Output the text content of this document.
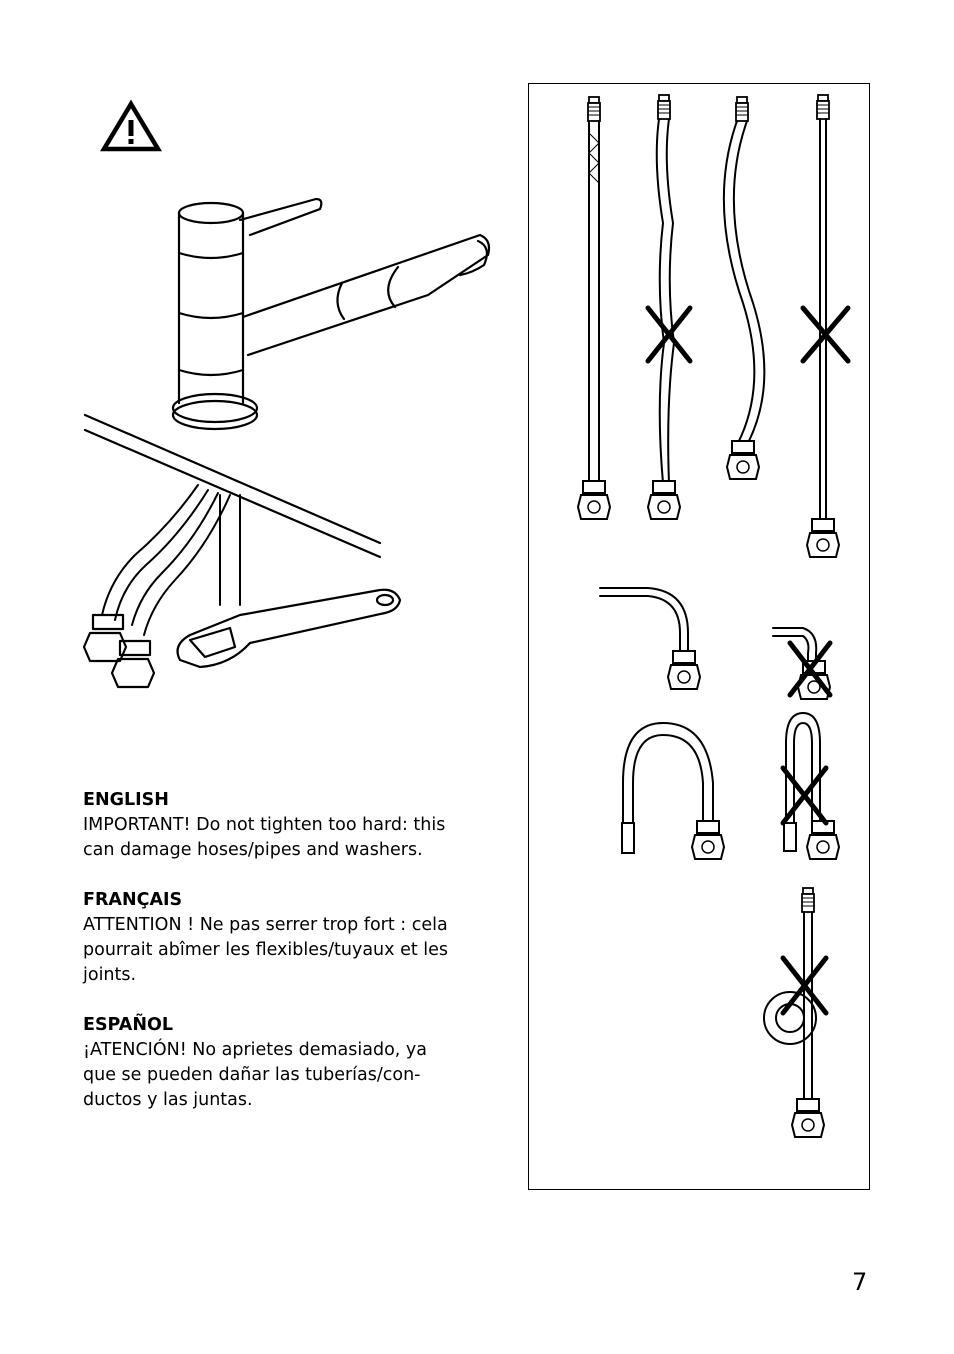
ENGLISH
IMPORTANT! Do not tighten too hard: this
can damage hoses/pipes and washers.
FRANÇAIS
ATTENTION ! Ne pas serrer trop fort : cela
pourrait abîmer les flexibles/tuyaux et les
joints.
ESPAÑOL
¡ATENCIÓN! No aprietes demasiado, ya
que se pueden dañar las tuberías/con-
ductos y las juntas.
7
